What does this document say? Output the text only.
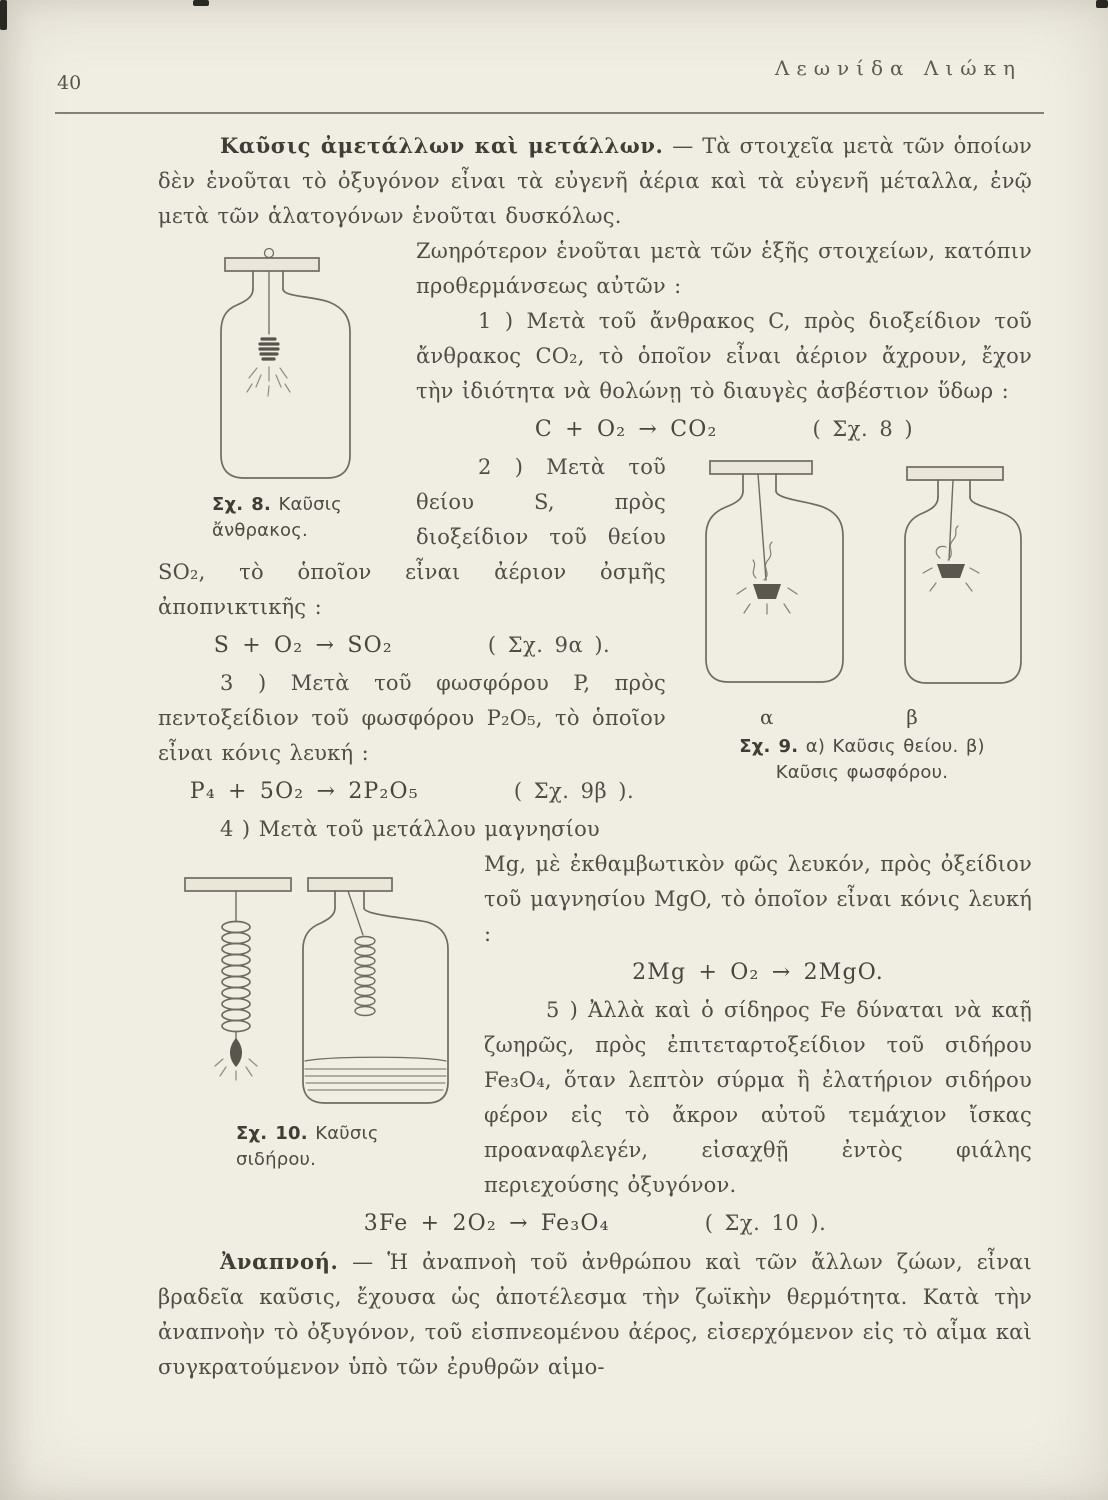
40
Λεωνίδα Λιώκη

Καῦσις ἀμετάλλων καὶ μετάλλων. — Τὰ στοιχεῖα μετὰ τῶν ὁποίων δὲν ἑνοῦται τὸ ὀξυγόνον εἶναι τὰ εὐγενῆ ἀέρια καὶ τὰ εὐγενῆ μέταλλα, ἐνῷ μετὰ τῶν ἁλατογόνων ἑνοῦται δυσκόλως.

Σχ. 8. Καῦσις ἄνθρακος.

Ζωηρότερον ἑνοῦται μετὰ τῶν ἑξῆς στοιχείων, κατόπιν προθερμάνσεως αὐτῶν :

1 ) Μετὰ τοῦ ἄνθρακος C, πρὸς διοξείδιον τοῦ ἄνθρακος CO₂, τὸ ὁποῖον εἶναι ἀέριον ἄχρουν, ἔχον τὴν ἰδιότητα νὰ θολώνῃ τὸ διαυγὲς ἀσβέστιον ὕδωρ :

C + O₂ → CO₂	( Σχ. 8 )
α	β
Σχ. 9. α) Καῦσις θείου. β) Καῦσις φωσφόρου.

2 ) Μετὰ τοῦ θείου S, πρὸς διοξείδιον τοῦ θείου SO₂, τὸ ὁποῖον εἶναι ἀέριον ὀσμῆς ἀποπνικτικῆς :

S + O₂ → SO₂	( Σχ. 9α ).

3 ) Μετὰ τοῦ φωσφόρου P, πρὸς πεντοξείδιον τοῦ φωσφόρου P₂O₅, τὸ ὁποῖον εἶναι κόνις λευκή :

P₄ + 5O₂ → 2P₂O₅	( Σχ. 9β ).

4 ) Μετὰ τοῦ μετάλλου μαγνησίου

Σχ. 10. Καῦσις σιδήρου.

Mg, μὲ ἐκθαμβωτικὸν φῶς λευκόν, πρὸς ὀξείδιον τοῦ μαγνησίου MgO, τὸ ὁποῖον εἶναι κόνις λευκή :

2Mg + O₂ → 2MgO.

5 ) Ἀλλὰ καὶ ὁ σίδηρος Fe δύναται νὰ καῇ ζωηρῶς, πρὸς ἐπιτεταρτοξείδιον τοῦ σιδήρου Fe₃O₄, ὅταν λεπτὸν σύρμα ἢ ἐλατήριον σιδήρου φέρον εἰς τὸ ἄκρον αὐτοῦ τεμάχιον ἴσκας προαναφλεγέν, εἰσαχθῇ ἐντὸς φιάλης περιεχούσης ὀξυγόνον.

3Fe + 2O₂ → Fe₃O₄	( Σχ. 10 ).

Ἀναπνοή. — Ἡ ἀναπνοὴ τοῦ ἀνθρώπου καὶ τῶν ἄλλων ζώων, εἶναι βραδεῖα καῦσις, ἔχουσα ὡς ἀποτέλεσμα τὴν ζωϊκὴν θερμότητα. Κατὰ τὴν ἀναπνοὴν τὸ ὀξυγόνον, τοῦ εἰσπνεομένου ἀέρος, εἰσερχόμενον εἰς τὸ αἷμα καὶ συγκρατούμενον ὑπὸ τῶν ἐρυθρῶν αἱμο-
